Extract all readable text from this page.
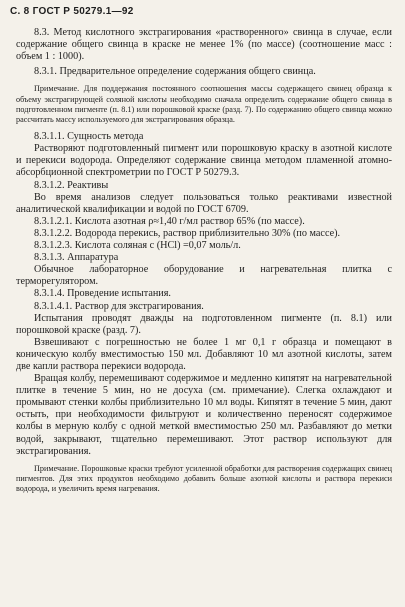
С. 8 ГОСТ Р 50279.1—92

8.3. Метод кислотного экстрагирования «растворенного» свинца в случае, если содержание общего свинца в краске не менее 1% (по массе) (соотношение масс : объем 1 : 1000).

8.3.1. Предварительное определение содержания общего свинца.

Примечание. Для поддержания постоянного соотношения массы содержащего свинец образца к объему экстрагирующей соляной кислоты необходимо сначала определить содержание общего свинца в подготовленном пигменте (п. 8.1) или порошковой краске (разд. 7). По содержанию общего свинца можно рассчитать массу используемого для экстрагирования образца.

8.3.1.1. Сущность метода

Растворяют подготовленный пигмент или порошковую краску в азотной кислоте и перекиси водорода. Определяют содержание свинца методом пламенной атомно-абсорбционной спектрометрии по ГОСТ Р 50279.3.

8.3.1.2. Реактивы

Во время анализов следует пользоваться только реактивами известной аналитической квалификации и водой по ГОСТ 6709.

8.3.1.2.1. Кислота азотная ρ≈1,40 г/мл раствор 65% (по массе).

8.3.1.2.2. Водорода перекись, раствор приблизительно 30% (по массе).

8.3.1.2.3. Кислота соляная с (HCl) =0,07 моль/л.

8.3.1.3. Аппаратура

Обычное лабораторное оборудование и нагревательная плитка с терморегулятором.

8.3.1.4. Проведение испытания.

8.3.1.4.1. Раствор для экстрагирования.

Испытания проводят дважды на подготовленном пигменте (п. 8.1) или порошковой краске (разд. 7).

Взвешивают с погрешностью не более 1 мг 0,1 г образца и помещают в коническую колбу вместимостью 150 мл. Добавляют 10 мл азотной кислоты, затем две капли раствора перекиси водорода.

Вращая колбу, перемешивают содержимое и медленно кипятят на нагревательной плитке в течение 5 мин, но не досуха (см. примечание). Слегка охлаждают и промывают стенки колбы приблизительно 10 мл воды. Кипятят в течение 5 мин, дают остыть, при необходимости фильтруют и количественно переносят содержимое колбы в мерную колбу с одной меткой вместимостью 250 мл. Разбавляют до метки водой, закрывают, тщательно перемешивают. Этот раствор используют для экстрагирования.

Примечание. Порошковые краски требуют усиленной обработки для растворения содержащих свинец пигментов. Для этих продуктов необходимо добавить больше азотной кислоты и раствора перекиси водорода, и увеличить время нагревания.
